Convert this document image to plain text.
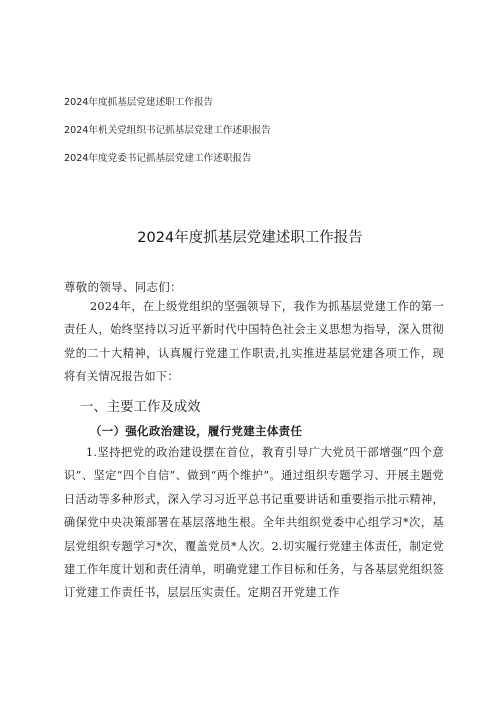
2024年度抓基层党建述职工作报告
2024年机关党组织书记抓基层党建工作述职报告
2024年度党委书记抓基层党建工作述职报告
2024年度抓基层党建述职工作报告
尊敬的领导、同志们：

2024年，在上级党组织的坚强领导下，我作为抓基层党建工作的第一责任人，始终坚持以习近平新时代中国特色社会主义思想为指导，深入贯彻党的二十大精神，认真履行党建工作职责,扎实推进基层党建各项工作，现将有关情况报告如下：

一、主要工作及成效
（一）强化政治建设，履行党建主体责任

1.坚持把党的政治建设摆在首位，教育引导广大党员干部增强“四个意识”、坚定“四个自信”、做到“两个维护”。通过组织专题学习、开展主题党日活动等多种形式，深入学习习近平总书记重要讲话和重要指示批示精神，确保党中央决策部署在基层落地生根。全年共组织党委中心组学习*次，基层党组织专题学习*次，覆盖党员*人次。2.切实履行党建主体责任，制定党建工作年度计划和责任清单，明确党建工作目标和任务，与各基层党组织签订党建工作责任书，层层压实责任。定期召开党建工作
